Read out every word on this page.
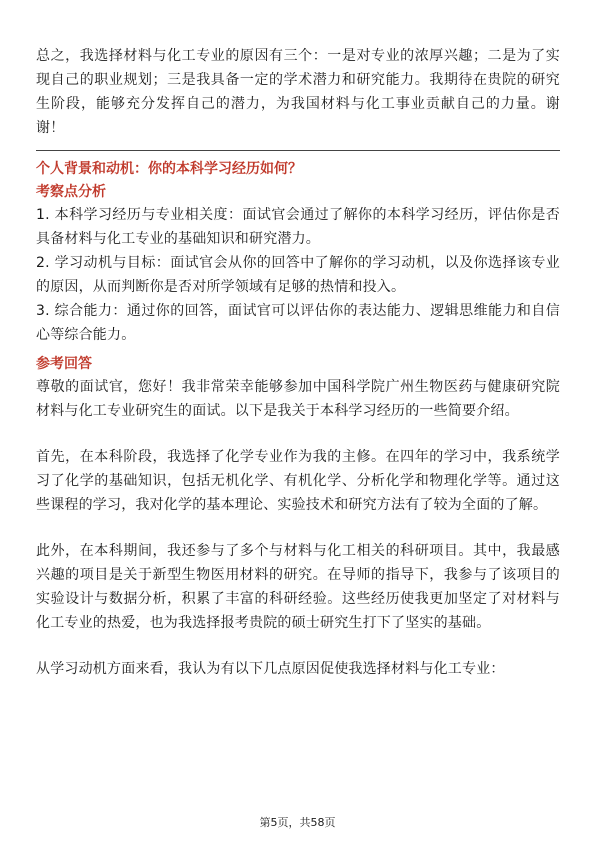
总之，我选择材料与化工专业的原因有三个：一是对专业的浓厚兴趣；二是为了实现自己的职业规划；三是我具备一定的学术潜力和研究能力。我期待在贵院的研究生阶段，能够充分发挥自己的潜力，为我国材料与化工事业贡献自己的力量。谢谢！

个人背景和动机：你的本科学习经历如何？

考察点分析

1. 本科学习经历与专业相关度：面试官会通过了解你的本科学习经历，评估你是否具备材料与化工专业的基础知识和研究潜力。

2. 学习动机与目标：面试官会从你的回答中了解你的学习动机，以及你选择该专业的原因，从而判断你是否对所学领域有足够的热情和投入。

3. 综合能力：通过你的回答，面试官可以评估你的表达能力、逻辑思维能力和自信心等综合能力。

参考回答

尊敬的面试官，您好！我非常荣幸能够参加中国科学院广州生物医药与健康研究院材料与化工专业研究生的面试。以下是我关于本科学习经历的一些简要介绍。

首先，在本科阶段，我选择了化学专业作为我的主修。在四年的学习中，我系统学习了化学的基础知识，包括无机化学、有机化学、分析化学和物理化学等。通过这些课程的学习，我对化学的基本理论、实验技术和研究方法有了较为全面的了解。

此外，在本科期间，我还参与了多个与材料与化工相关的科研项目。其中，我最感兴趣的项目是关于新型生物医用材料的研究。在导师的指导下，我参与了该项目的实验设计与数据分析，积累了丰富的科研经验。这些经历使我更加坚定了对材料与化工专业的热爱，也为我选择报考贵院的硕士研究生打下了坚实的基础。

从学习动机方面来看，我认为有以下几点原因促使我选择材料与化工专业：

第5页，共58页
